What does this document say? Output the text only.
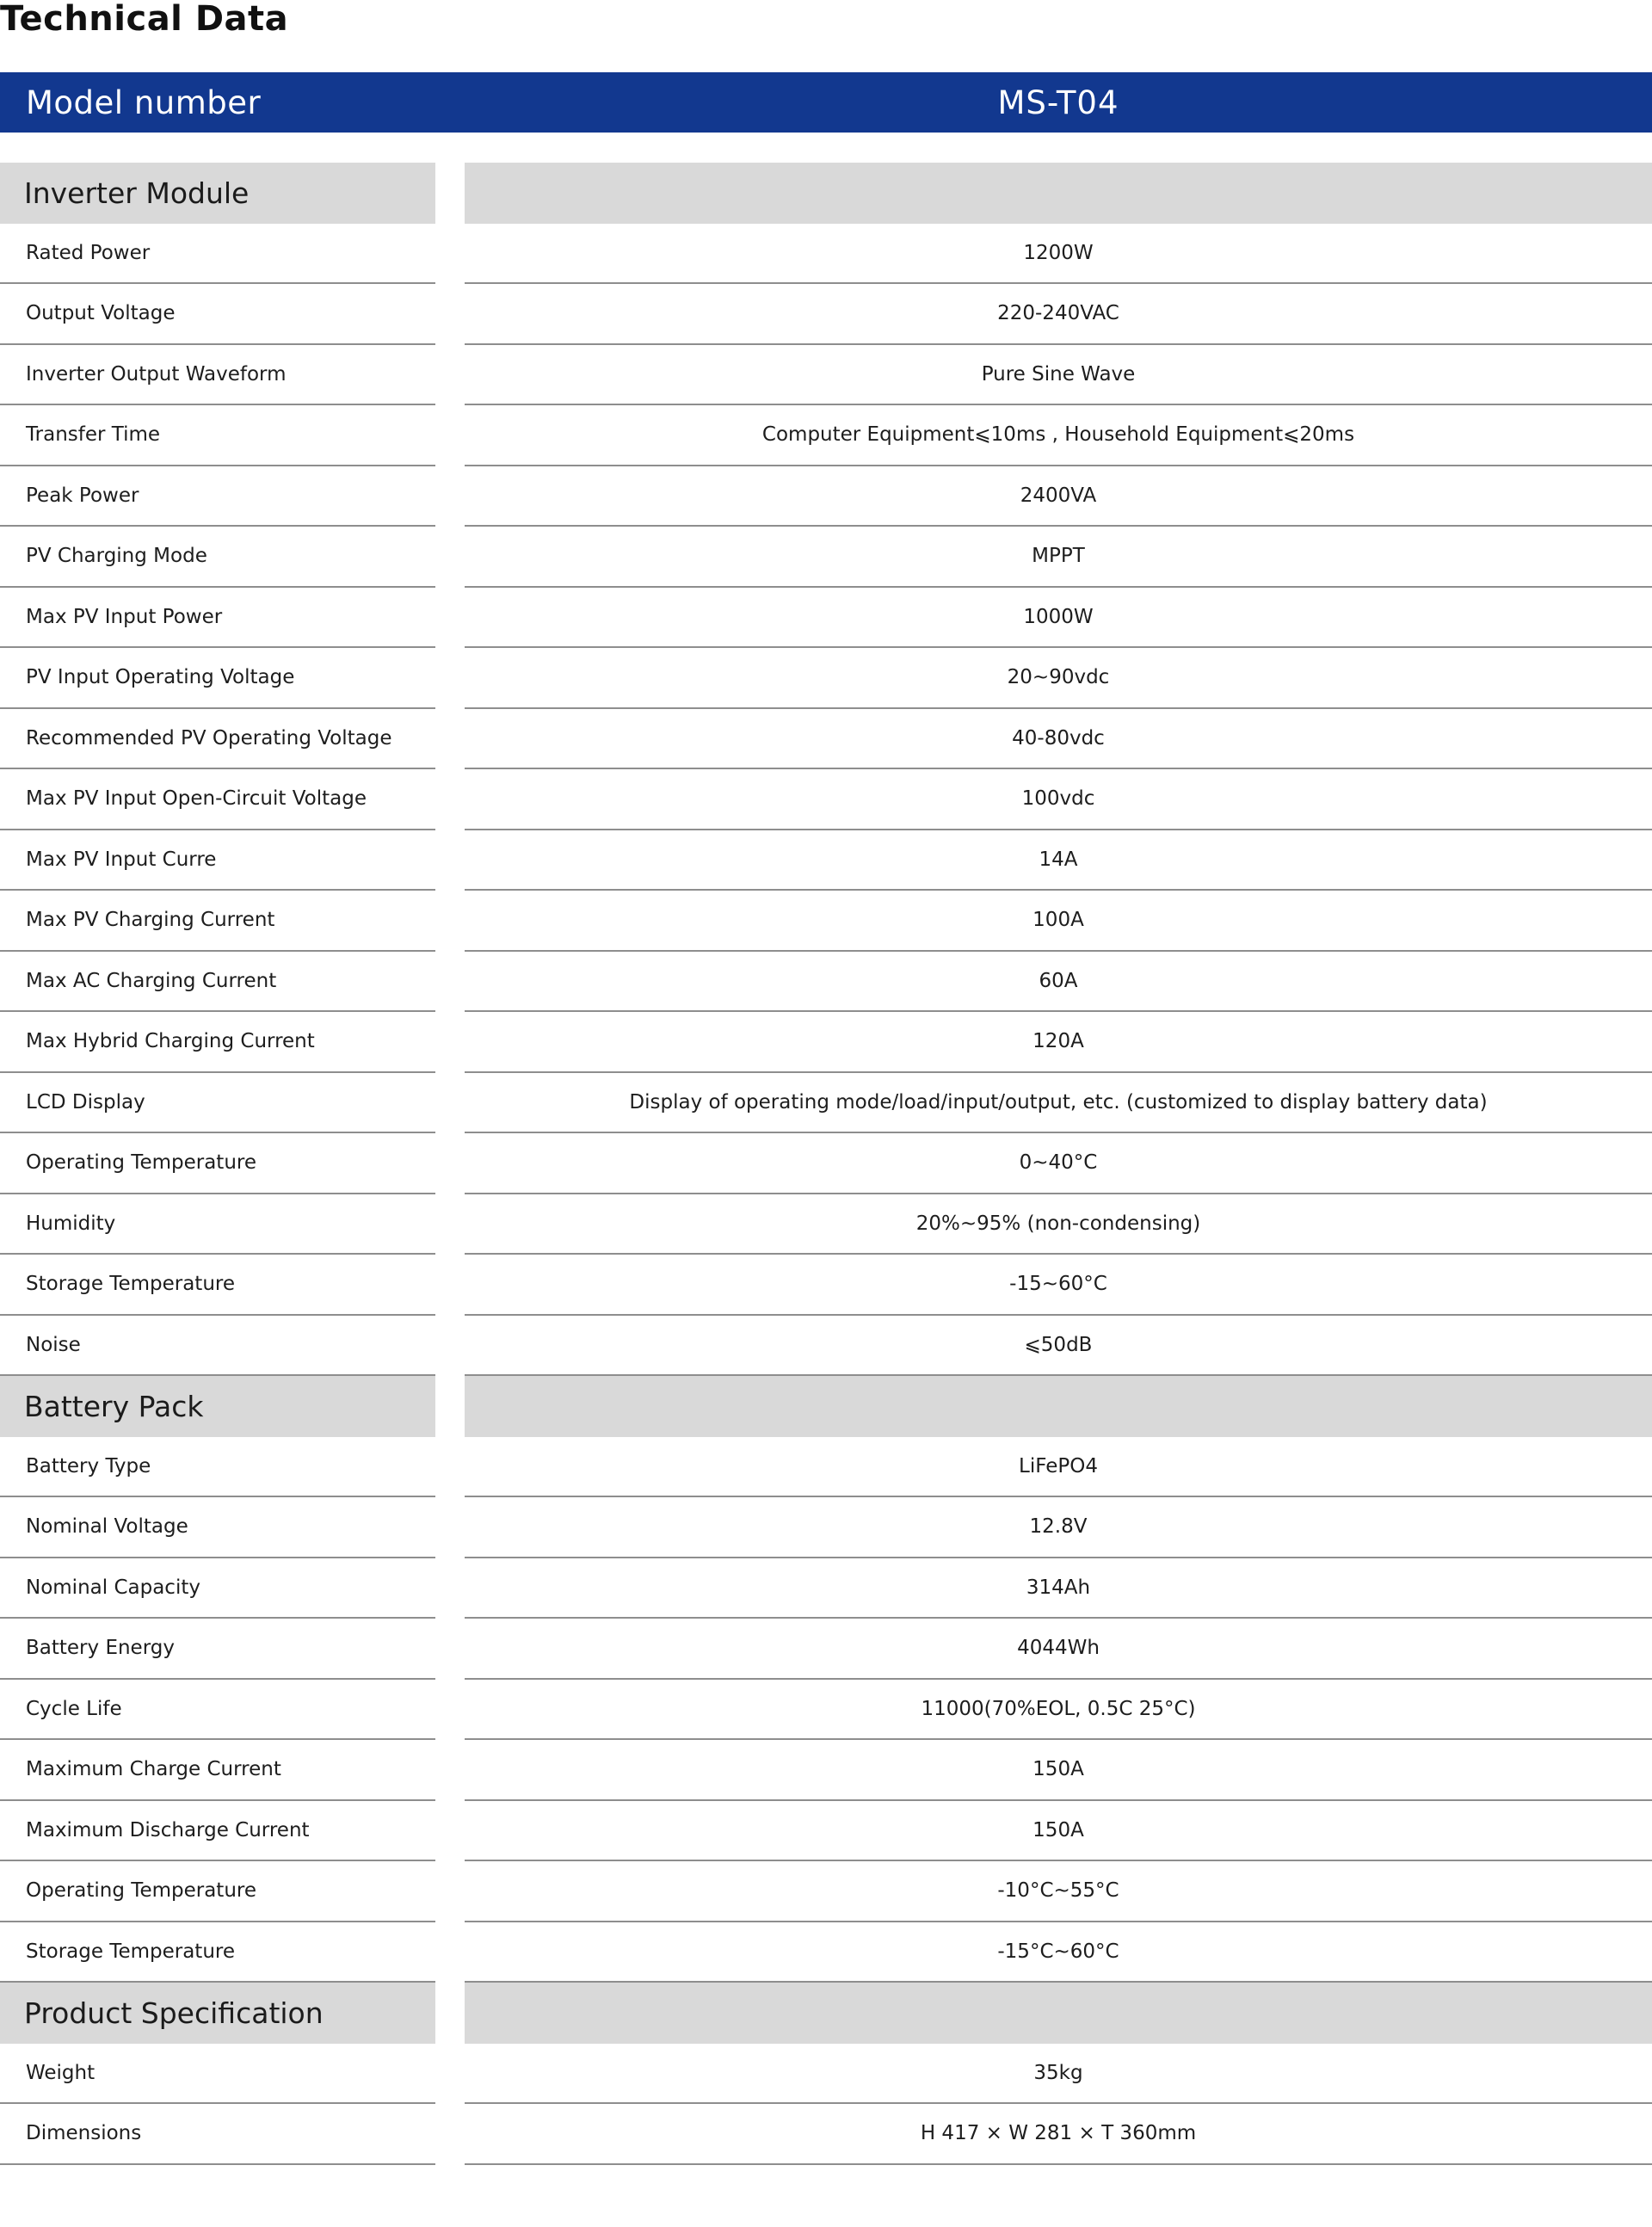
Technical Data
Model number	MS-T04
Inverter Module
Rated Power	1200W
Output Voltage	220-240VAC
Inverter Output Waveform	Pure Sine Wave
Transfer Time	Computer Equipment⩽10ms , Household Equipment⩽20ms
Peak Power	2400VA
PV Charging Mode	MPPT
Max PV Input Power	1000W
PV Input Operating Voltage	20~90vdc
Recommended PV Operating Voltage	40-80vdc
Max PV Input Open-Circuit Voltage	100vdc
Max PV Input Curre	14A
Max PV Charging Current	100A
Max AC Charging Current	60A
Max Hybrid Charging Current	120A
LCD Display	Display of operating mode/load/input/output, etc. (customized to display battery data)
Operating Temperature	0~40°C
Humidity	20%~95% (non-condensing)
Storage Temperature	-15~60°C
Noise	⩽50dB
Battery Pack
Battery Type	LiFePO4
Nominal Voltage	12.8V
Nominal Capacity	314Ah
Battery Energy	4044Wh
Cycle Life	11000(70%EOL, 0.5C 25°C)
Maximum Charge Current	150A
Maximum Discharge Current	150A
Operating Temperature	-10°C~55°C
Storage Temperature	-15°C~60°C
Product Specification
Weight	35kg
Dimensions	H 417 × W 281 × T 360mm
